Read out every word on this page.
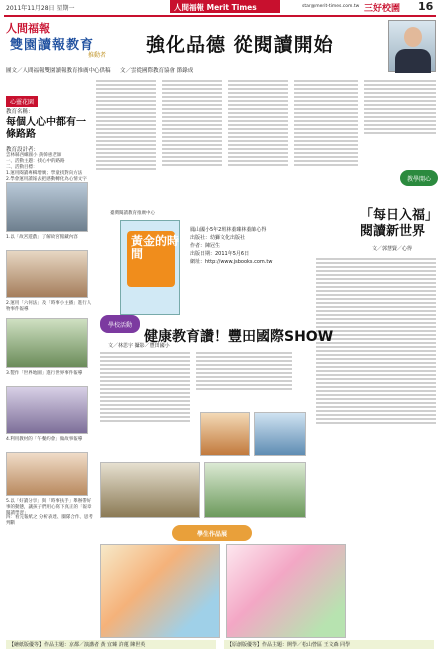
2011年11月28日 星期一	人間福報 Merit Times	star@merit-times.com.tw 三好校園 16
人間福報
雙園讀報教育
推動者 強化品德 從閱讀開始
圖文／人間福報雙園讀報教育推廣中心供稿 文／雲從國際教育協會 節錄成
心靈花園
教育名稱：
每個人心中都有一條路路
教育設計者：
雲林縣西螺國小 黃韓惠老師
一、活動主題：找心中的路路
二、活動目標：
1.運用閱讀專輯增廣；學童找對向方法
2.學會運用讀報去把感動轉化為心情文字
1.以「故宮遊戲」了解故宮館藏內容
2.運用「六何法」及「時事小主播」進行人物事件報導
3.製作「世界地圖」進行世界事件報導
4.利用教材的「午餐約會」做故事報導
5.以「好讀分享」與「時事扶手」舉辦帶好事的動態，讓孩子們用心寫下真正的「報章閱讀學習」
四：看完報紙之 分析表達、團隊合作、思考判斷
黃金的時間
鳳山國小5年2班林蓁臻林蓁帥心得
出版社：幼獅文化出版社
作者：陳冠生
出版日期：2011年5月6日
網址：http://www.jsbooks.com.tw
臺灣閱讀教育推廣中心
教學開心
「每日入福」
閱讀新世界
文／郭慧賢／心得
學校活動
健康教育讚！豐田國際SHOW
文／林思宇 攝影／豐田國小
學生作品展
【繪紙版優等】作品主題：京都／演講者 黃 宜臻 許蓮 陳世英	【原創版優等】作品主題：開學／松山營區 王文森 同學
